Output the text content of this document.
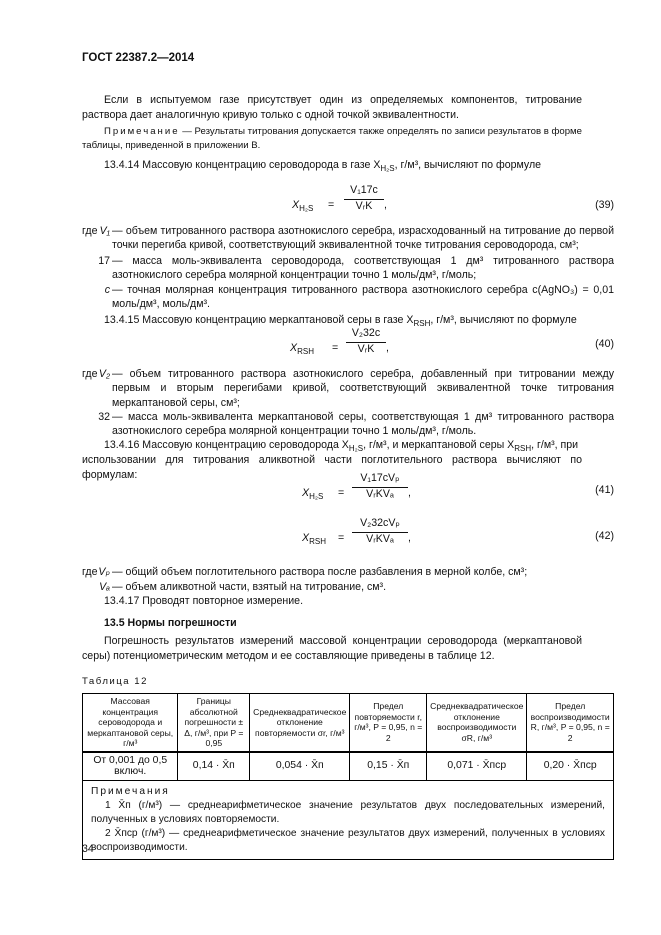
ГОСТ 22387.2—2014
Если в испытуемом газе присутствует один из определяемых компонентов, титрование раствора дает аналогичную кривую только с одной точкой эквивалентности.
Примечание — Результаты титрования допускается также определять по записи результатов в форме таблицы, приведенной в приложении В.
13.4.14 Массовую концентрацию сероводорода в газе $X_{H_2S}$, г/м³, вычисляют по формуле
$X_{H_2S}$ =
V₁17c
VᵣK	,	(39)
где V₁ — объем титрованного раствора азотнокислого серебра, израсходованный на титрование до первой точки перегиба кривой, соответствующий эквивалентной точке титрования сероводорода, см³;
17 — масса моль-эквивалента сероводорода, соответствующая 1 дм³ титрованного раствора азотнокислого серебра молярной концентрации точно 1 моль/дм³, г/моль;
с — точная молярная концентрация титрованного раствора азотнокислого серебра c(AgNO₃) = 0,01 моль/дм³, моль/дм³.
13.4.15 Массовую концентрацию меркаптановой серы в газе $X_{RSH}$, г/м³, вычисляют по формуле
$X_{RSH}$ =
V₂32c
VᵣK	,	(40)
где V₂ — объем титрованного раствора азотнокислого серебра, добавленный при титровании между первым и вторым перегибами кривой, соответствующий эквивалентной точке титрования меркаптановой серы, см³;
32 — масса моль-эквивалента меркаптановой серы, соответствующая 1 дм³ титрованного раствора азотнокислого серебра молярной концентрации точно 1 моль/дм³, г/моль.
13.4.16 Массовую концентрацию сероводорода $X_{H_2S}$, г/м³, и меркаптановой серы $X_{RSH}$, г/м³, при
использовании для титрования аликвотной части поглотительного раствора вычисляют по формулам:
$X_{H_2S}$ =
V₁17cVₚ
VᵣKVₐ	,	(41)
$X_{RSH}$ =
V₂32cVₚ
VᵣKVₐ	,	(42)
где Vₚ — общий объем поглотительного раствора после разбавления в мерной колбе, см³;
Vₐ — объем аликвотной части, взятый на титрование, см³.
13.4.17 Проводят повторное измерение.
13.5 Нормы погрешности
Погрешность результатов измерений массовой концентрации сероводорода (меркаптановой серы) потенциометрическим методом и ее составляющие приведены в таблице 12.
Таблица 12
Массовая концентрация сероводорода и меркаптановой серы, г/м³	Границы абсолютной погрешности ± Δ, г/м³, при P = 0,95	Среднеквадратическое отклонение повторяемости σr, г/м³	Предел повторяемости r, г/м³, P = 0,95, n = 2	Среднеквадратическое отклонение воспроизводимости σR, г/м³	Предел воспроизводимости R, г/м³, P = 0,95, n = 2
От 0,001 до 0,5 включ.	0,14 · X̄п	0,054 · X̄п	0,15 · X̄п	0,071 · X̄пср	0,20 · X̄пср

Примечания
1 X̄п (г/м³) — среднеарифметическое значение результатов двух последовательных измерений, полученных в условиях повторяемости.
2 X̄пср (г/м³) — среднеарифметическое значение результатов двух измерений, полученных в условиях воспроизводимости.					
34
